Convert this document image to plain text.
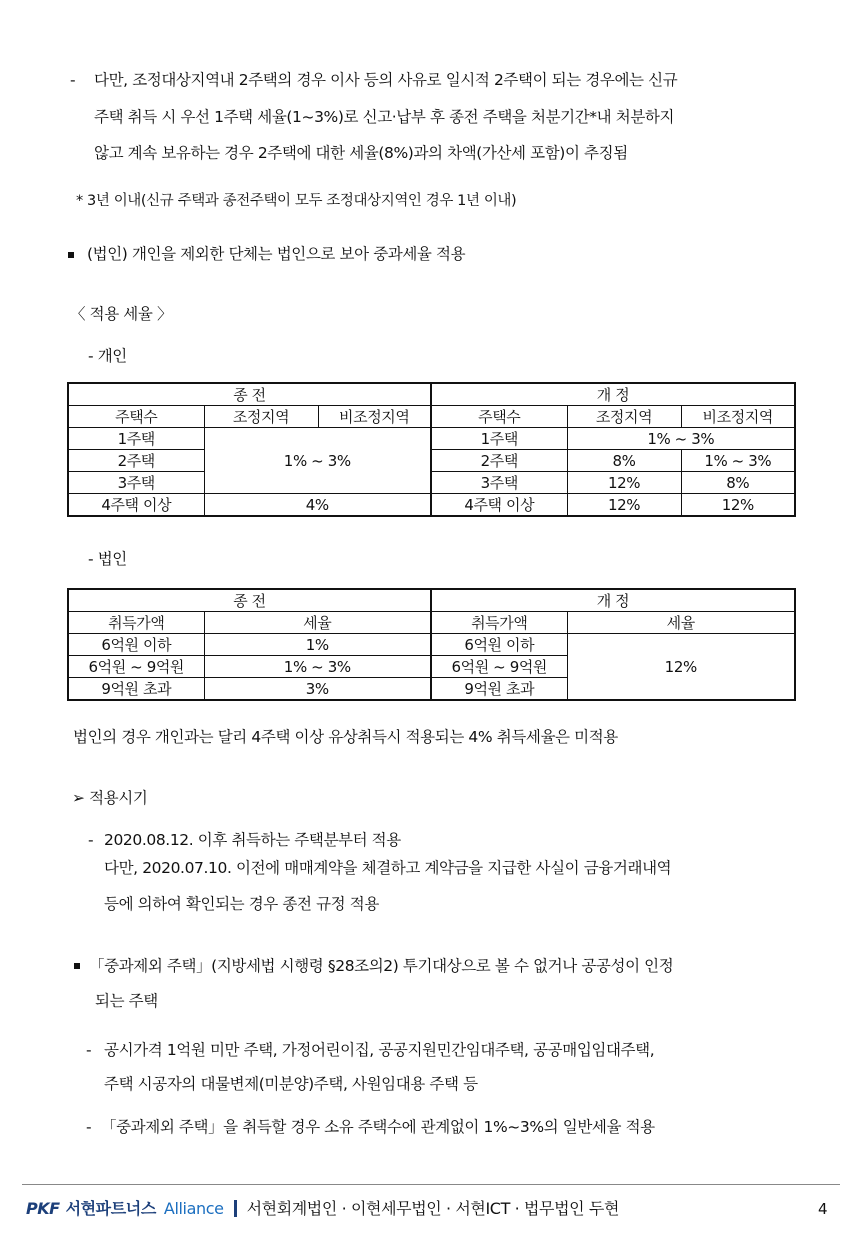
- 다만, 조정대상지역내 2주택의 경우 이사 등의 사유로 일시적 2주택이 되는 경우에는 신규
주택 취득 시 우선 1주택 세율(1~3%)로 신고·납부 후 종전 주택을 처분기간*내 처분하지
않고 계속 보유하는 경우 2주택에 대한 세율(8%)과의 차액(가산세 포함)이 추징됨
* 3년 이내(신규 주택과 종전주택이 모두 조정대상지역인 경우 1년 이내)
(법인) 개인을 제외한 단체는 법인으로 보아 중과세율 적용
〈 적용 세율 〉
- 개인
종 전			개 정		
주택수	조정지역	비조정지역	주택수	조정지역	비조정지역
1주택	1% ~ 3%		1주택	1% ~ 3%	
2주택			2주택	8%	1% ~ 3%
3주택			3주택	12%	8%
4주택 이상	4%		4주택 이상	12%	12%
- 법인
종 전		개 정	
취득가액	세율	취득가액	세율
6억원 이하	1%	6억원 이하	12%
6억원 ~ 9억원	1% ~ 3%	6억원 ~ 9억원	
9억원 초과	3%	9억원 초과	
법인의 경우 개인과는 달리 4주택 이상 유상취득시 적용되는 4% 취득세율은 미적용
➢ 적용시기
- 2020.08.12. 이후 취득하는 주택분부터 적용
다만, 2020.07.10. 이전에 매매계약을 체결하고 계약금을 지급한 사실이 금융거래내역
등에 의하여 확인되는 경우 종전 규정 적용
「중과제외 주택」(지방세법 시행령 §28조의2) 투기대상으로 볼 수 없거나 공공성이 인정
되는 주택
- 공시가격 1억원 미만 주택, 가정어린이집, 공공지원민간임대주택, 공공매입임대주택,
주택 시공자의 대물변제(미분양)주택, 사원임대용 주택 등
- 「중과제외 주택」을 취득할 경우 소유 주택수에 관계없이 1%~3%의 일반세율 적용
PKF 서현파트너스 Alliance 서현회계법인 · 이현세무법인 · 서현ICT · 법무법인 두현	4
